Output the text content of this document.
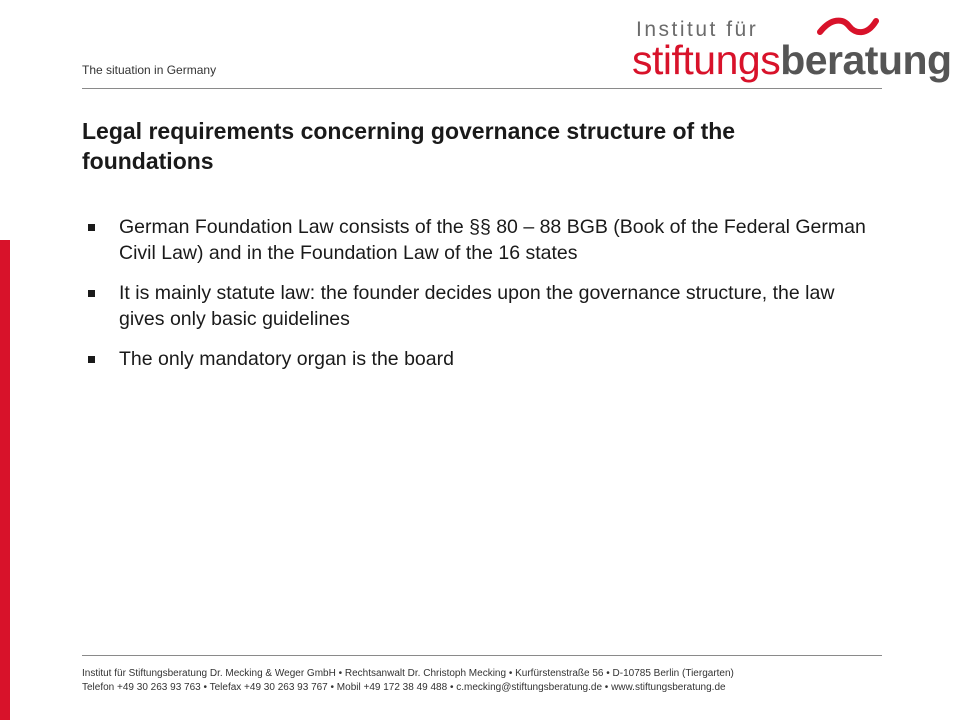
The situation in Germany
Institut für
stiftungsberatung
Legal requirements concerning governance structure of the foundations
German Foundation Law consists of the §§ 80 – 88 BGB (Book of the Federal German Civil Law) and in the Foundation Law of the 16 states
It is mainly statute law: the founder decides upon the governance structure, the law gives only basic guidelines
The only mandatory organ is the board
Institut für Stiftungsberatung Dr. Mecking & Weger GmbH • Rechtsanwalt Dr. Christoph Mecking • Kurfürstenstraße 56 • D-10785 Berlin (Tiergarten)
Telefon +49 30 263 93 763 • Telefax +49 30 263 93 767 • Mobil +49 172 38 49 488 • c.mecking@stiftungsberatung.de • www.stiftungsberatung.de
